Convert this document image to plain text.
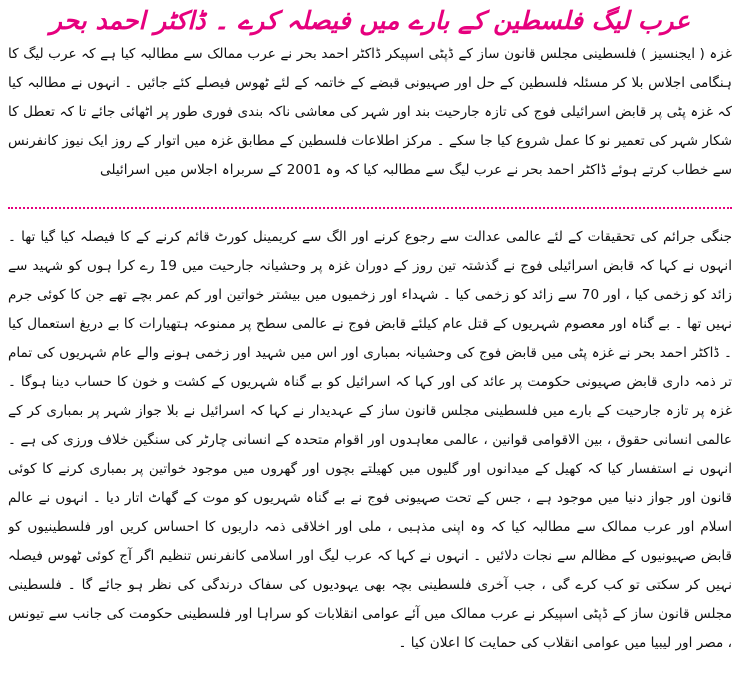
عرب لیگ فلسطین کے بارے میں فیصلہ کرے ۔ ڈاکٹر احمد بحر

غزہ ( ایجنسیز ) فلسطینی مجلس قانون ساز کے ڈپٹی اسپیکر ڈاکٹر احمد بحر نے عرب ممالک سے مطالبہ کیا ہے کہ عرب لیگ کا ہنگامی اجلاس بلا کر مسئلہ فلسطین کے حل اور صہیونی قبضے کے خاتمہ کے لئے ٹھوس فیصلے کئے جائیں ۔ انہوں نے مطالبہ کیا کہ غزہ پٹی پر قابض اسرائیلی فوج کی تازہ جارحیت بند اور شہر کی معاشی ناکہ بندی فوری طور پر اٹھائی جائے تا کہ تعطل کا شکار شہر کی تعمیر نو کا عمل شروع کیا جا سکے ۔ مرکز اطلاعات فلسطین کے مطابق غزہ میں اتوار کے روز ایک نیوز کانفرنس سے خطاب کرتے ہوئے ڈاکٹر احمد بحر نے عرب لیگ سے مطالبہ کیا کہ وہ 2001 کے سربراہ اجلاس میں اسرائیلی

جنگی جرائم کی تحقیقات کے لئے عالمی عدالت سے رجوع کرنے اور الگ سے کریمینل کورٹ قائم کرنے کے کا فیصلہ کیا گیا تھا ۔ انہوں نے کہا کہ قابض اسرائیلی فوج نے گذشتہ تین روز کے دوران غزہ پر وحشیانہ جارحیت میں 19 رے کرا ہوں کو شہید سے زائد کو زخمی کیا ، اور 70 سے زائد کو زخمی کیا ۔ شہداء اور زخمیوں میں بیشتر خواتین اور کم عمر بچے تھے جن کا کوئی جرم نہیں تھا ۔ بے گناہ اور معصوم شہریوں کے قتل عام کیلئے قابض فوج نے عالمی سطح پر ممنوعہ ہتھیارات کا بے دریغ استعمال کیا ۔ ڈاکٹر احمد بحر نے غزہ پٹی میں قابض فوج کی وحشیانہ بمباری اور اس میں شہید اور زخمی ہونے والے عام شہریوں کی تمام تر ذمہ داری قابض صہیونی حکومت پر عائد کی اور کہا کہ اسرائیل کو بے گناہ شہریوں کے کشت و خون کا حساب دینا ہوگا ۔ غزہ پر تازہ جارحیت کے بارے میں فلسطینی مجلس قانون ساز کے عہدیدار نے کہا کہ اسرائیل نے بلا جواز شہر پر بمباری کر کے عالمی انسانی حقوق ، بین الاقوامی قوانین ، عالمی معاہدوں اور اقوام متحدہ کے انسانی چارٹر کی سنگین خلاف ورزی کی ہے ۔ انہوں نے استفسار کیا کہ کھیل کے میدانوں اور گلیوں میں کھیلتے بچوں اور گھروں میں موجود خواتین پر بمباری کرنے کا کوئی قانون اور جواز دنیا میں موجود ہے ، جس کے تحت صہیونی فوج نے بے گناہ شہریوں کو موت کے گھاٹ اتار دیا ۔ انہوں نے عالم اسلام اور عرب ممالک سے مطالبہ کیا کہ وہ اپنی مذہبی ، ملی اور اخلاقی ذمہ داریوں کا احساس کریں اور فلسطینیوں کو قابض صہیونیوں کے مظالم سے نجات دلائیں ۔ انہوں نے کہا کہ عرب لیگ اور اسلامی کانفرنس تنظیم اگر آج کوئی ٹھوس فیصلہ نہیں کر سکتی تو کب کرے گی ، جب آخری فلسطینی بچہ بھی یہودیوں کی سفاک درندگی کی نظر ہو جائے گا ۔ فلسطینی مجلس قانون ساز کے ڈپٹی اسپیکر نے عرب ممالک میں آئے عوامی انقلابات کو سراہا اور فلسطینی حکومت کی جانب سے تیونس ، مصر اور لیبیا میں عوامی انقلاب کی حمایت کا اعلان کیا ۔
